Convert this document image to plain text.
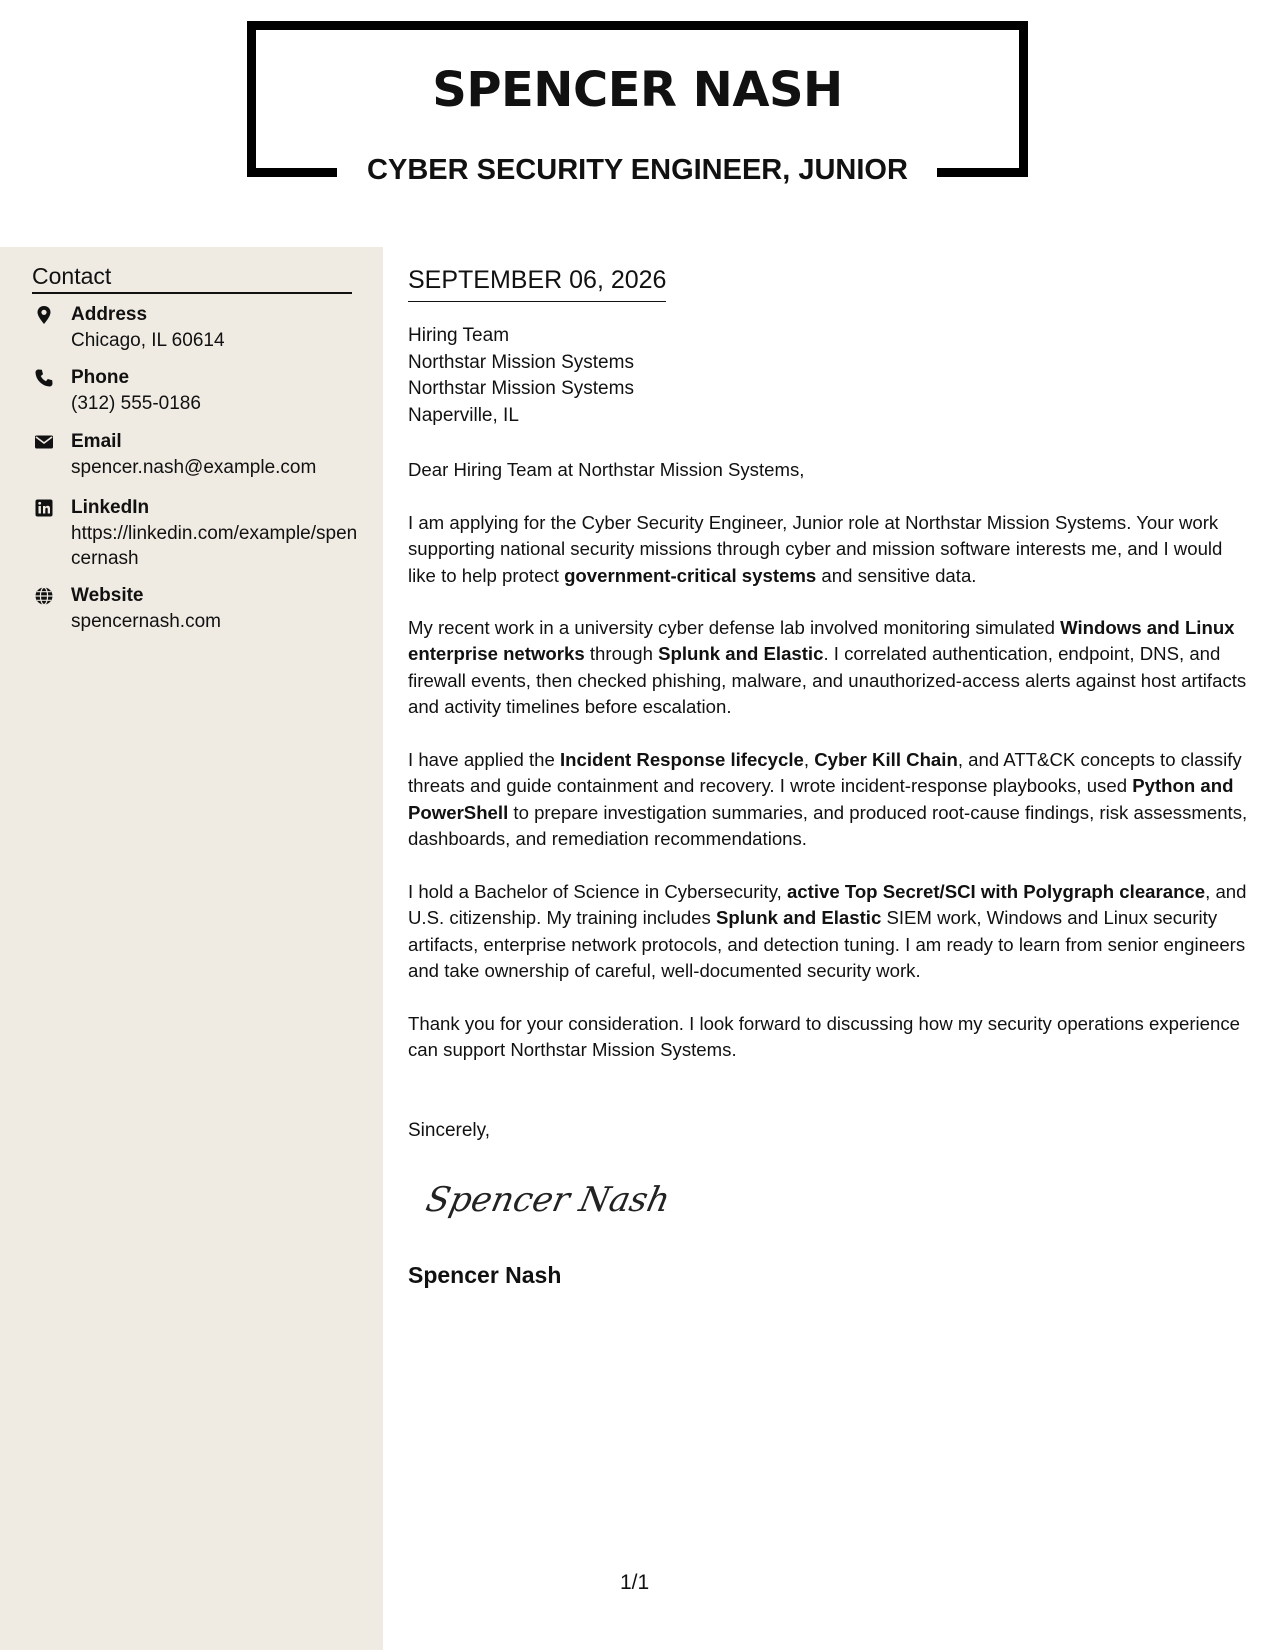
SPENCER NASH
CYBER SECURITY ENGINEER, JUNIOR
Contact
Address
Chicago, IL 60614
Phone
(312) 555-0186
Email
spencer.nash@example.com
LinkedIn
https://linkedin.com/example/spencernash
Website
spencernash.com
SEPTEMBER 06, 2026
Hiring Team
Northstar Mission Systems
Northstar Mission Systems
Naperville, IL
Dear Hiring Team at Northstar Mission Systems,
I am applying for the Cyber Security Engineer, Junior role at Northstar Mission Systems. Your work supporting national security missions through cyber and mission software interests me, and I would like to help protect government-critical systems and sensitive data.
My recent work in a university cyber defense lab involved monitoring simulated Windows and Linux enterprise networks through Splunk and Elastic. I correlated authentication, endpoint, DNS, and firewall events, then checked phishing, malware, and unauthorized-access alerts against host artifacts and activity timelines before escalation.
I have applied the Incident Response lifecycle, Cyber Kill Chain, and ATT&CK concepts to classify threats and guide containment and recovery. I wrote incident-response playbooks, used Python and PowerShell to prepare investigation summaries, and produced root-cause findings, risk assessments, dashboards, and remediation recommendations.
I hold a Bachelor of Science in Cybersecurity, active Top Secret/SCI with Polygraph clearance, and U.S. citizenship. My training includes Splunk and Elastic SIEM work, Windows and Linux security artifacts, enterprise network protocols, and detection tuning. I am ready to learn from senior engineers and take ownership of careful, well-documented security work.
Thank you for your consideration. I look forward to discussing how my security operations experience can support Northstar Mission Systems.
Sincerely,
Spencer Nash
Spencer Nash
1/1
